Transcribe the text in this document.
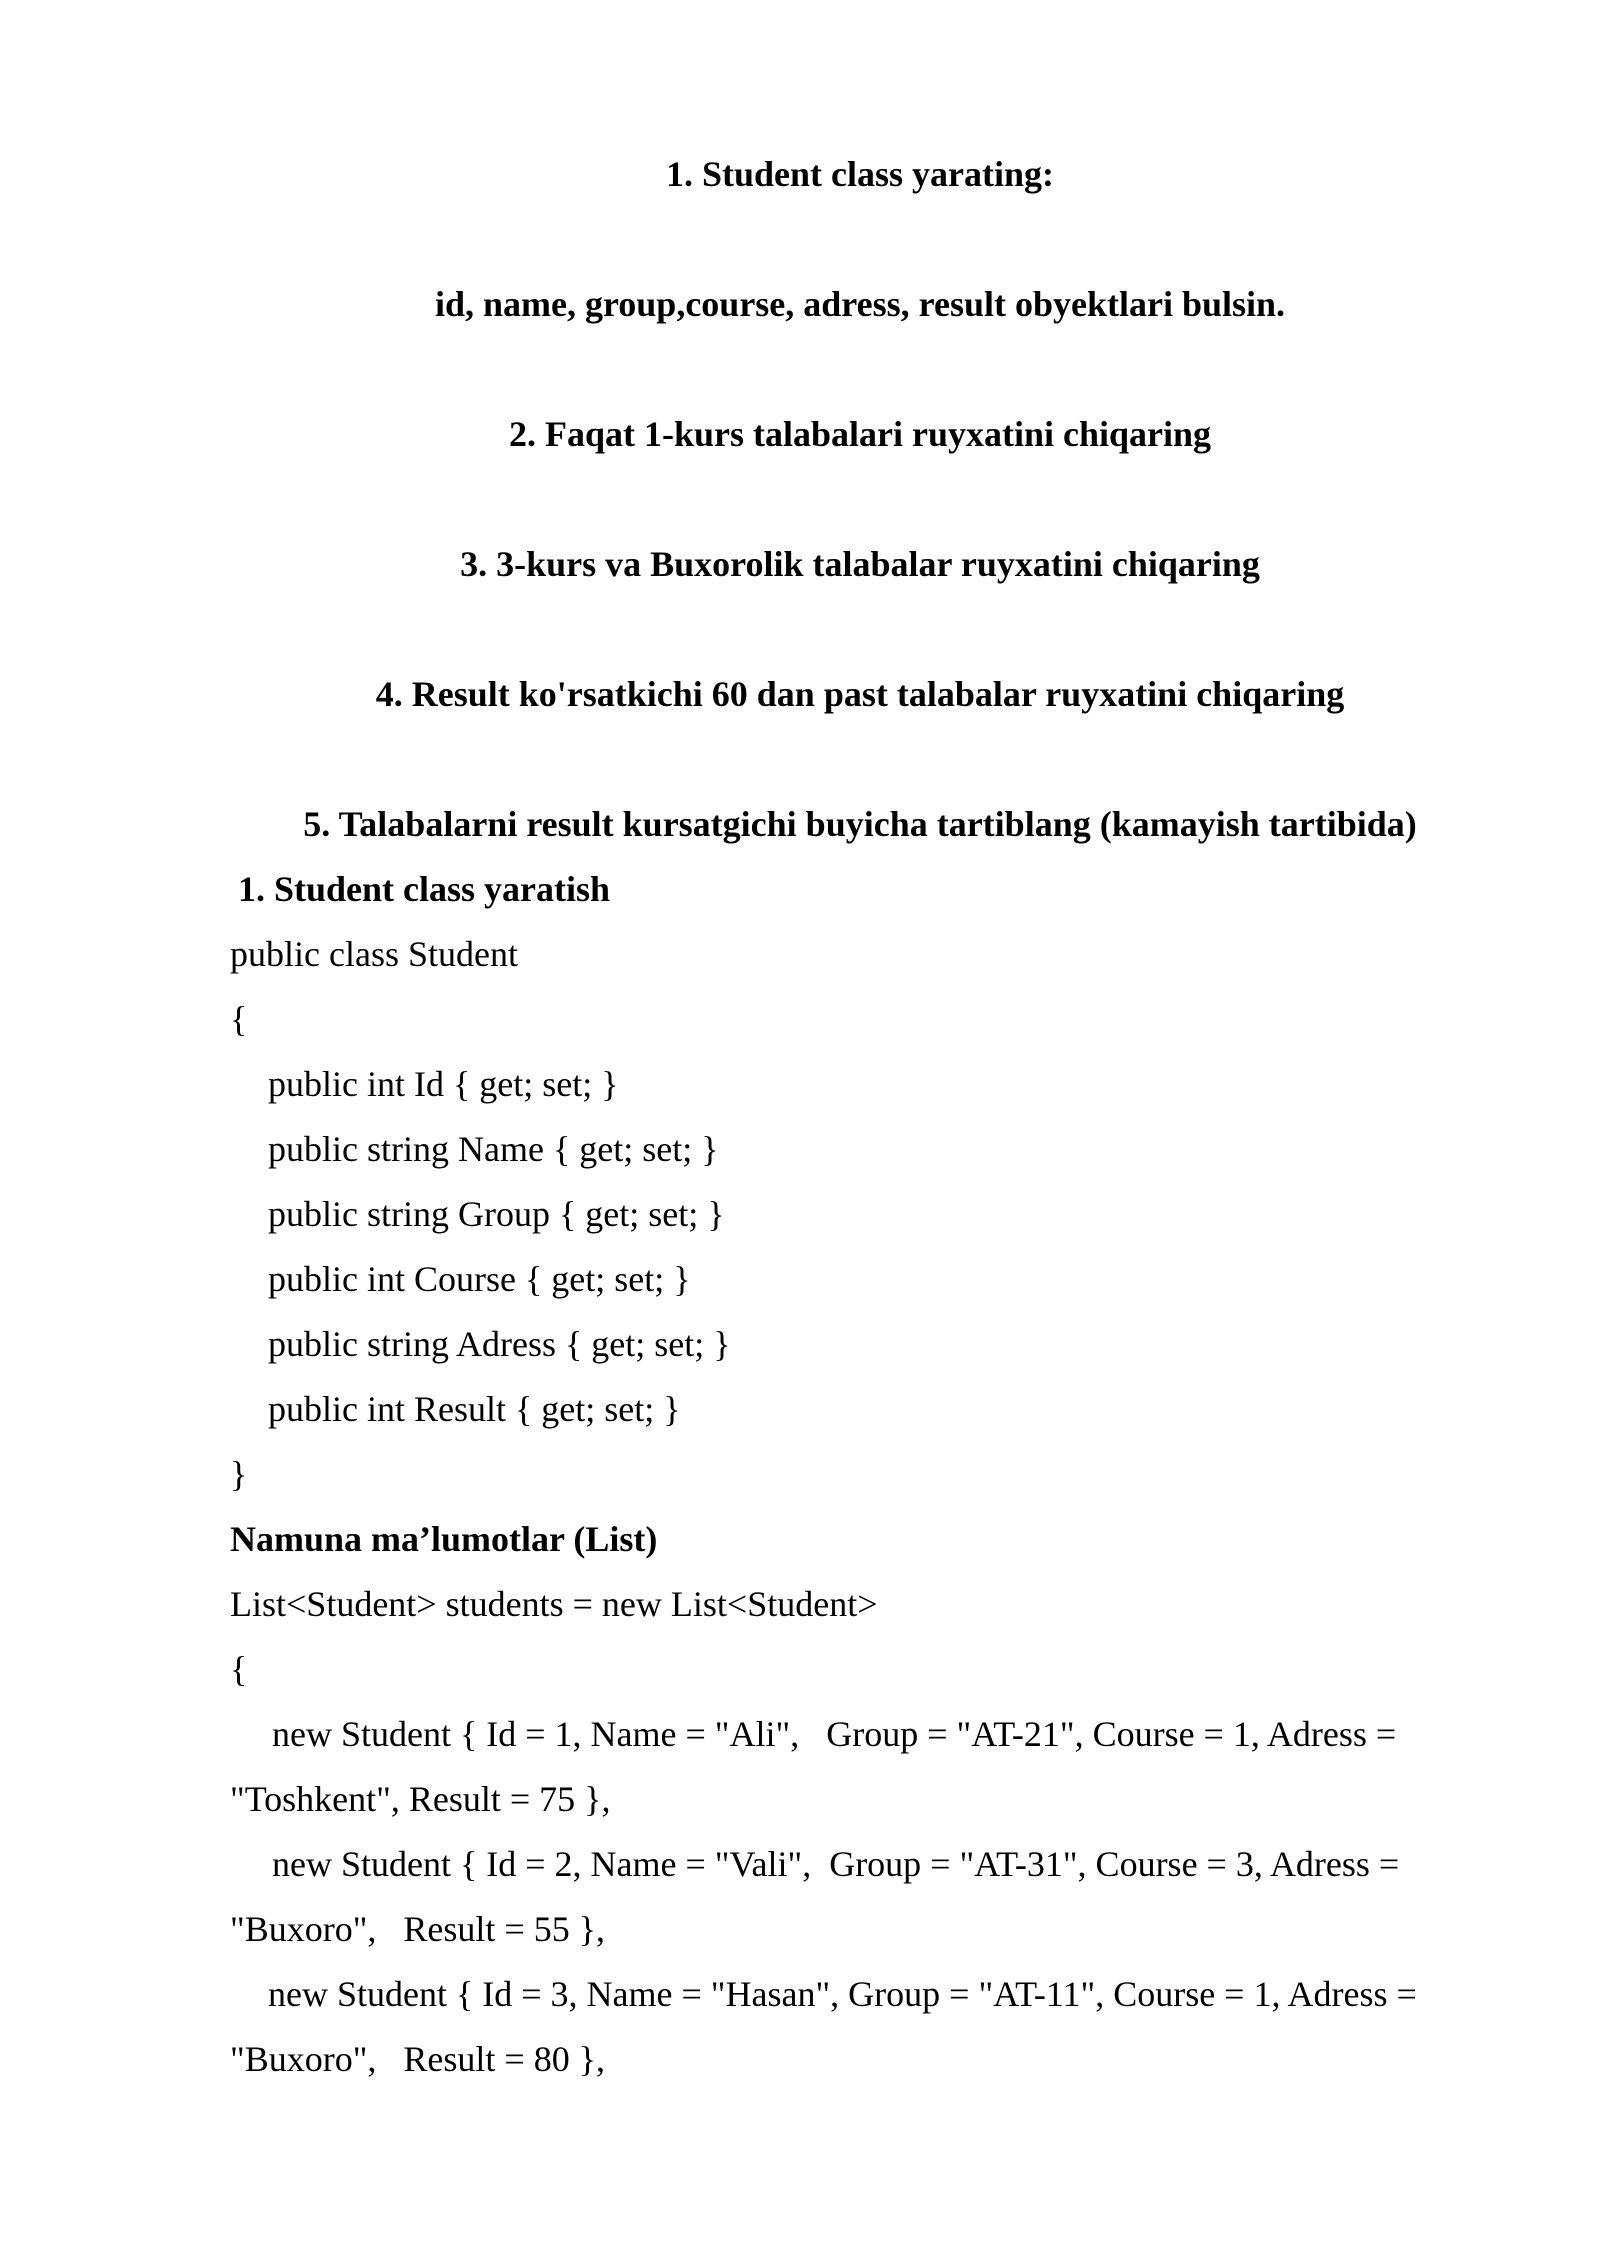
1. Student class yarating:
id, name, group,course, adress, result obyektlari bulsin.
2. Faqat 1-kurs talabalari ruyxatini chiqaring
3. 3-kurs va Buxorolik talabalar ruyxatini chiqaring
4. Result ko'rsatkichi 60 dan past talabalar ruyxatini chiqaring
5. Talabalarni result kursatgichi buyicha tartiblang (kamayish tartibida)
1. Student class yaratish
public class Student
{
public int Id { get; set; }
public string Name { get; set; }
public string Group { get; set; }
public int Course { get; set; }
public string Adress { get; set; }
public int Result { get; set; }
}
Namuna ma’lumotlar (List)
List<Student> students = new List<Student>
{
new Student { Id = 1, Name = "Ali",   Group = "AT-21", Course = 1, Adress =
"Toshkent", Result = 75 },
new Student { Id = 2, Name = "Vali",  Group = "AT-31", Course = 3, Adress =
"Buxoro",   Result = 55 },
new Student { Id = 3, Name = "Hasan", Group = "AT-11", Course = 1, Adress =
"Buxoro",   Result = 80 },
